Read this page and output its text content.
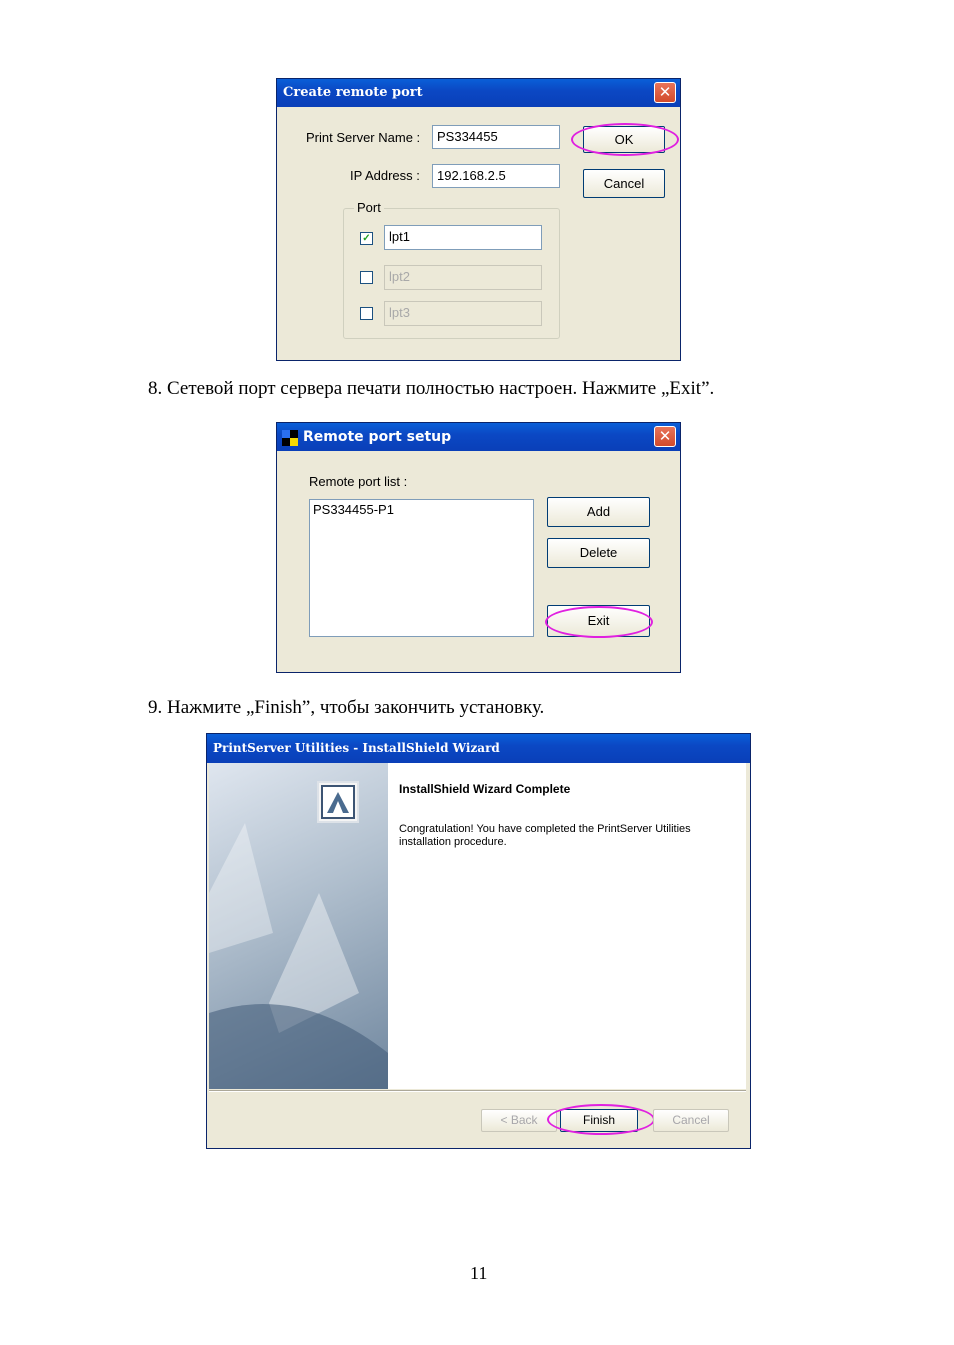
Create remote port	✕
Print Server Name :	PS334455
IP Address :	192.168.2.5
OK
Cancel
Port
✓	lpt1
lpt2
lpt3
8. Сетевой порт сервера печати полностью настроен. Нажмите „Exit”.
Remote port setup	✕
Remote port list :
PS334455-P1	Add
Delete
Exit
9. Нажмите „Finish”, чтобы закончить установку.
PrintServer Utilities - InstallShield Wizard
InstallShield Wizard Complete
Congratulation! You have completed the PrintServer Utilities installation procedure.
< Back	Finish	Cancel
11
